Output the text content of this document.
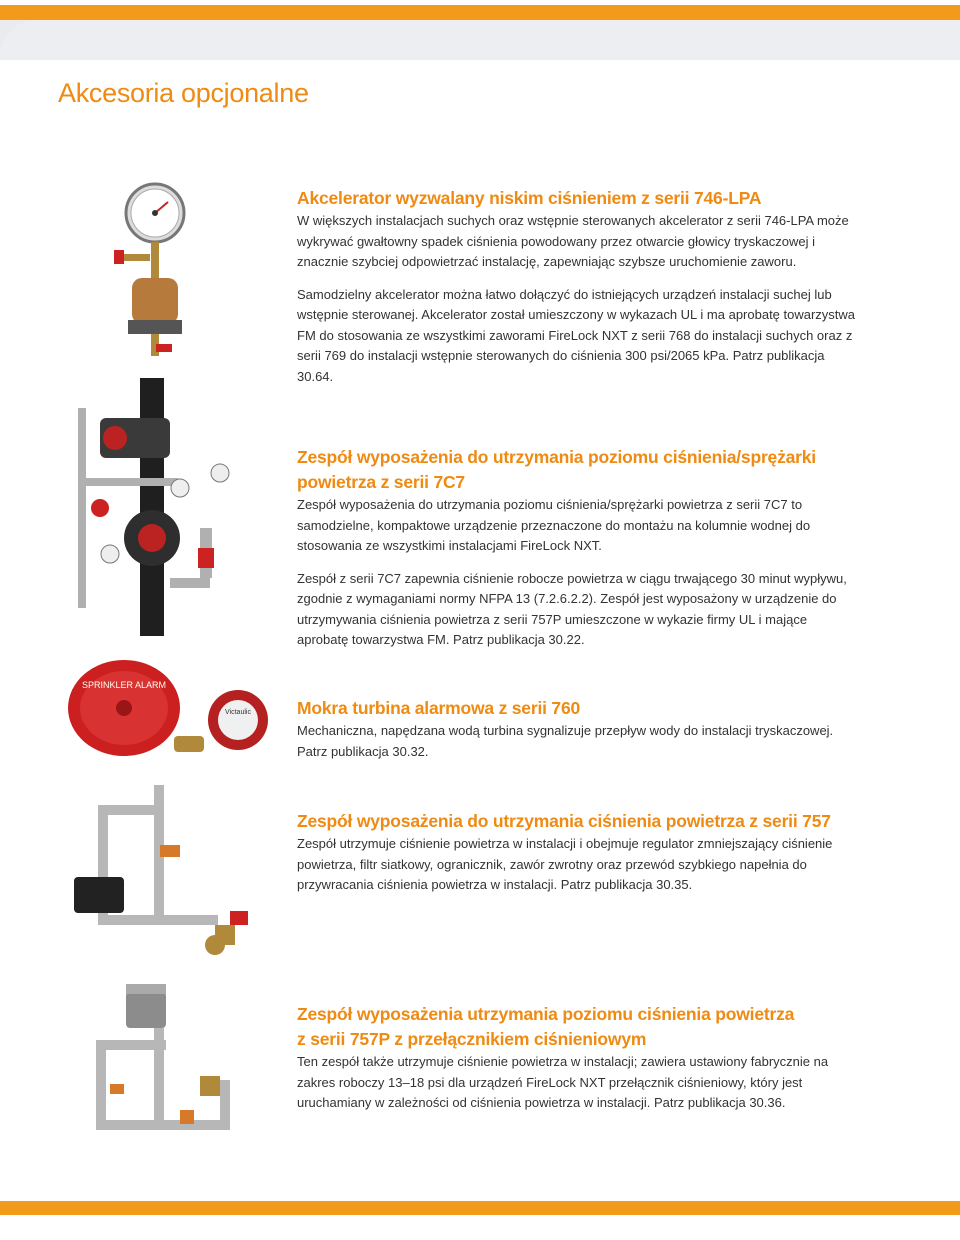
Akcesoria opcjonalne
Akcelerator wyzwalany niskim ciśnieniem z serii 746-LPA

W większych instalacjach suchych oraz wstępnie sterowanych akcelerator z serii 746-LPA może wykrywać gwałtowny spadek ciśnienia powodowany przez otwarcie głowicy tryskaczowej i znacznie szybciej odpowietrzać instalację, zapewniając szybsze uruchomienie zaworu.

Samodzielny akcelerator można łatwo dołączyć do istniejących urządzeń instalacji suchej lub wstępnie sterowanej. Akcelerator został umieszczony w wykazach UL i ma aprobatę towarzystwa FM do stosowania ze wszystkimi zaworami FireLock NXT z serii 768 do instalacji suchych oraz z serii 769 do instalacji wstępnie sterowanych do ciśnienia 300 psi/2065 kPa. Patrz publikacja 30.64.

Zespół wyposażenia do utrzymania poziomu ciśnienia/sprężarki
powietrza z serii 7C7

Zespół wyposażenia do utrzymania poziomu ciśnienia/sprężarki powietrza z serii 7C7 to samodzielne, kompaktowe urządzenie przeznaczone do montażu na kolumnie wodnej do stosowania ze wszystkimi instalacjami FireLock NXT.

Zespół z serii 7C7 zapewnia ciśnienie robocze powietrza w ciągu trwającego 30 minut wypływu, zgodnie z wymaganiami normy NFPA 13 (7.2.6.2.2). Zespół jest wyposażony w urządzenie do utrzymywania ciśnienia powietrza z serii 757P umieszczone w wykazie firmy UL i mające aprobatę towarzystwa FM. Patrz publikacja 30.22.

Mokra turbina alarmowa z serii 760

Mechaniczna, napędzana wodą turbina sygnalizuje przepływ wody do instalacji tryskaczowej. Patrz publikacja 30.32.

Zespół wyposażenia do utrzymania ciśnienia powietrza z serii 757

Zespół utrzymuje ciśnienie powietrza w instalacji i obejmuje regulator zmniejszający ciśnienie powietrza, filtr siatkowy, ogranicznik, zawór zwrotny oraz przewód szybkiego napełnia do przywracania ciśnienia powietrza w instalacji. Patrz publikacja 30.35.

Zespół wyposażenia utrzymania poziomu ciśnienia powietrza
z serii 757P z przełącznikiem ciśnieniowym

Ten zespół także utrzymuje ciśnienie powietrza w instalacji; zawiera ustawiony fabrycznie na zakres roboczy 13–18 psi dla urządzeń FireLock NXT przełącznik ciśnieniowy, który jest uruchamiany w zależności od ciśnienia powietrza w instalacji. Patrz publikacja 30.36.

SPRINKLER ALARM
Victaulic
